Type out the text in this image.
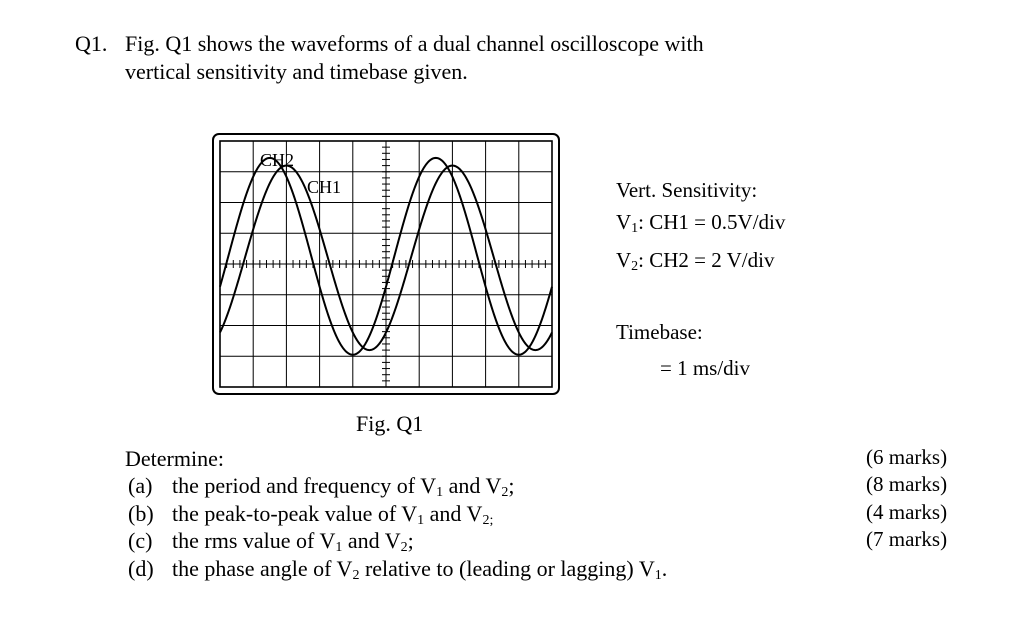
Q1. Fig. Q1 shows the waveforms of a dual channel oscilloscope with
vertical sensitivity and timebase given.
CH2
CH1
Fig. Q1
Vert. Sensitivity:
$V_1$: CH1 = 0.5V/div
$V_2$: CH2 = 2 V/div
Timebase:
= 1 ms/div
Determine:
(a) the period and frequency of $V_1$ and $V_2$;
(6 marks)
(b) the peak-to-peak value of $V_1$ and $V_{2;}$
(8 marks)
(c) the rms value of $V_1$ and $V_2$;
(4 marks)
(d) the phase angle of $V_2$ relative to (leading or lagging) $V_1$.
(7 marks)
